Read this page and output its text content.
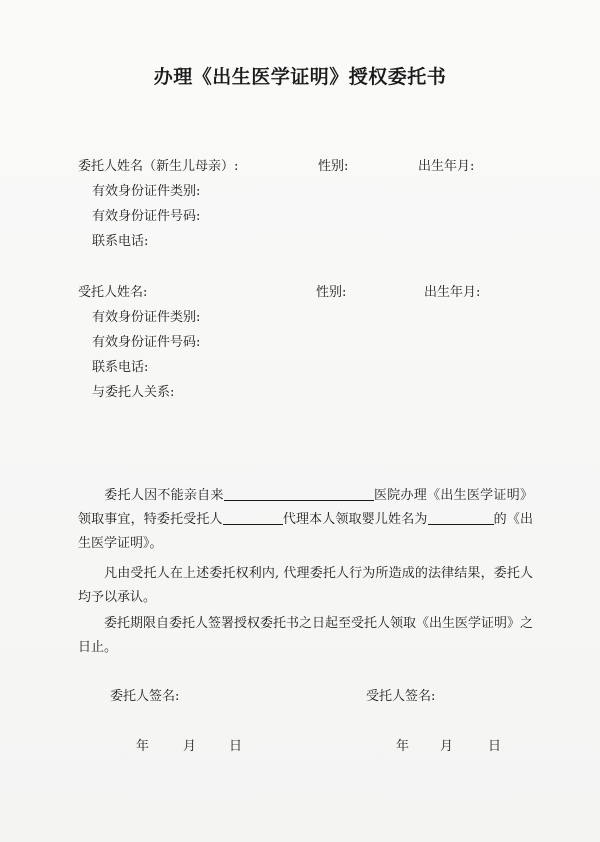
办理《出生医学证明》授权委托书
委托人姓名（新生儿母亲）:	性别:	出生年月:
有效身份证件类别:
有效身份证件号码:
联系电话:
受托人姓名:	性别:	出生年月:
有效身份证件类别:
有效身份证件号码:
联系电话:
与委托人关系:
委托人因不能亲自来	医院办理《出生医学证明》领取事宜，特委托受托人	代理本人领取婴儿姓名为	的《出生医学证明》。
凡由受托人在上述委托权利内, 代理委托人行为所造成的法律结果，委托人均予以承认。
委托期限自委托人签署授权委托书之日起至受托人领取《出生医学证明》之日止。
委托人签名:	受托人签名:
年	月	日	年 月	日
